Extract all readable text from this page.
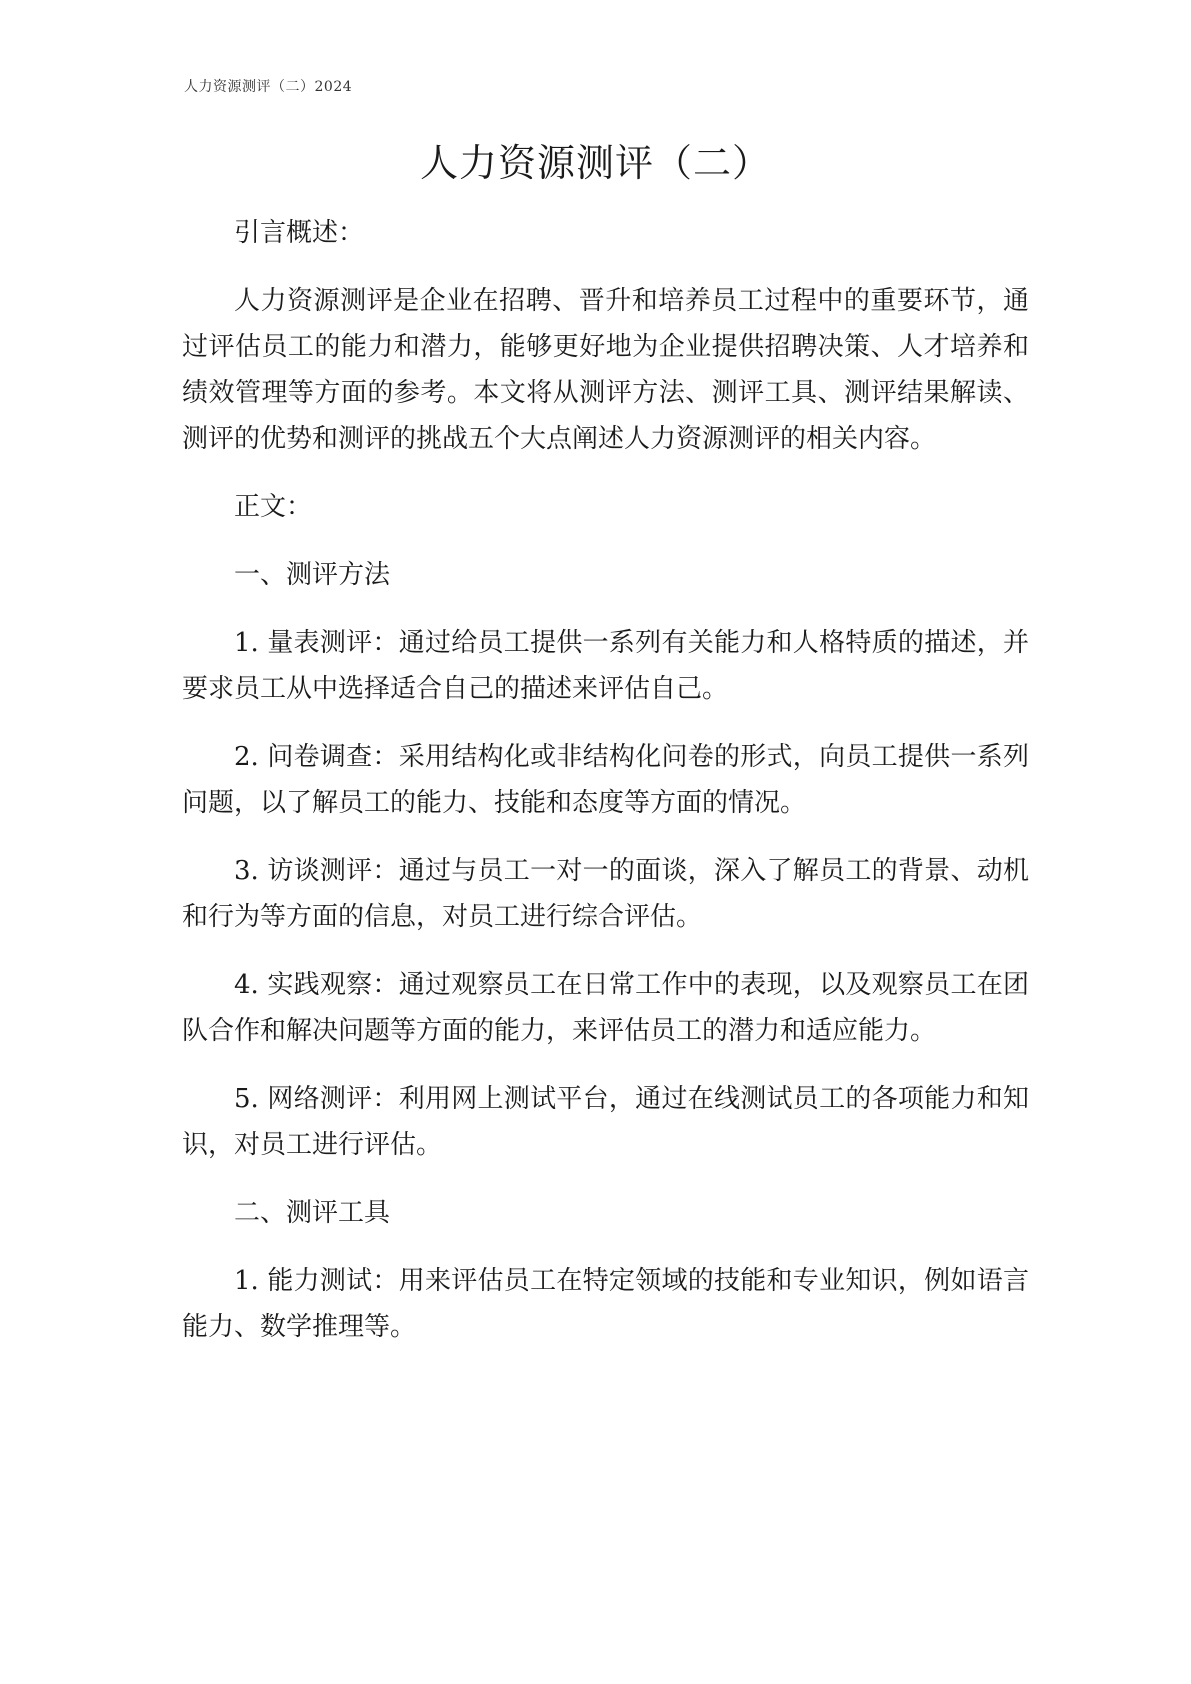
人力资源测评（二）2024
人力资源测评（二）

引言概述：

人力资源测评是企业在招聘、晋升和培养员工过程中的重要环节，通过评估员工的能力和潜力，能够更好地为企业提供招聘决策、人才培养和绩效管理等方面的参考。本文将从测评方法、测评工具、测评结果解读、测评的优势和测评的挑战五个大点阐述人力资源测评的相关内容。

正文：

一、测评方法

1. 量表测评：通过给员工提供一系列有关能力和人格特质的描述，并要求员工从中选择适合自己的描述来评估自己。

2. 问卷调查：采用结构化或非结构化问卷的形式，向员工提供一系列问题，以了解员工的能力、技能和态度等方面的情况。

3. 访谈测评：通过与员工一对一的面谈，深入了解员工的背景、动机和行为等方面的信息，对员工进行综合评估。

4. 实践观察：通过观察员工在日常工作中的表现，以及观察员工在团队合作和解决问题等方面的能力，来评估员工的潜力和适应能力。

5. 网络测评：利用网上测试平台，通过在线测试员工的各项能力和知识，对员工进行评估。

二、测评工具

1. 能力测试：用来评估员工在特定领域的技能和专业知识，例如语言能力、数学推理等。
